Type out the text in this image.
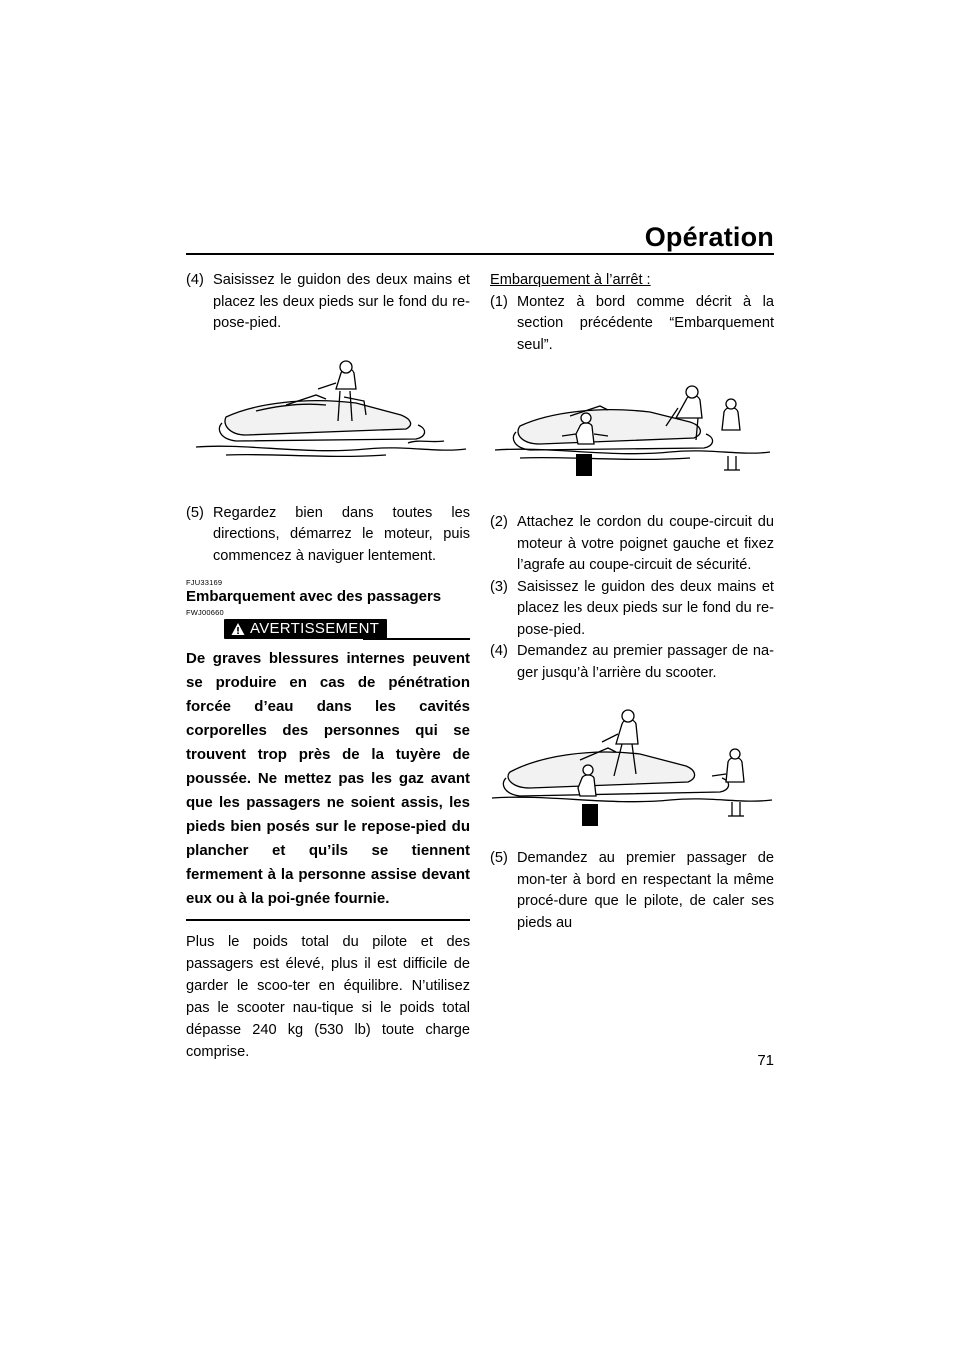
Opération
(4) Saisissez le guidon des deux mains et placez les deux pieds sur le fond du re-pose-pied.
(5) Regardez bien dans toutes les directions, démarrez le moteur, puis commencez à naviguer lentement.
FJU33169
Embarquement avec des passagers
FWJ00660
AVERTISSEMENT
De graves blessures internes peuvent se produire en cas de pénétration forcée d’eau dans les cavités corporelles des personnes qui se trouvent trop près de la tuyère de poussée. Ne mettez pas les gaz avant que les passagers ne soient assis, les pieds bien posés sur le repose-pied du plancher et qu’ils se tiennent fermement à la personne assise devant eux ou à la poi-gnée fournie.
Plus le poids total du pilote et des passagers est élevé, plus il est difficile de garder le scoo-ter en équilibre. N’utilisez pas le scooter nau-tique si le poids total dépasse 240 kg (530 lb) toute charge comprise.
Embarquement à l’arrêt :
(1) Montez à bord comme décrit à la section précédente “Embarquement seul”.
(2) Attachez le cordon du coupe-circuit du moteur à votre poignet gauche et fixez l’agrafe au coupe-circuit de sécurité.
(3) Saisissez le guidon des deux mains et placez les deux pieds sur le fond du re-pose-pied.
(4) Demandez au premier passager de na-ger jusqu’à l’arrière du scooter.
(5) Demandez au premier passager de mon-ter à bord en respectant la même procé-dure que le pilote, de caler ses pieds au
71
